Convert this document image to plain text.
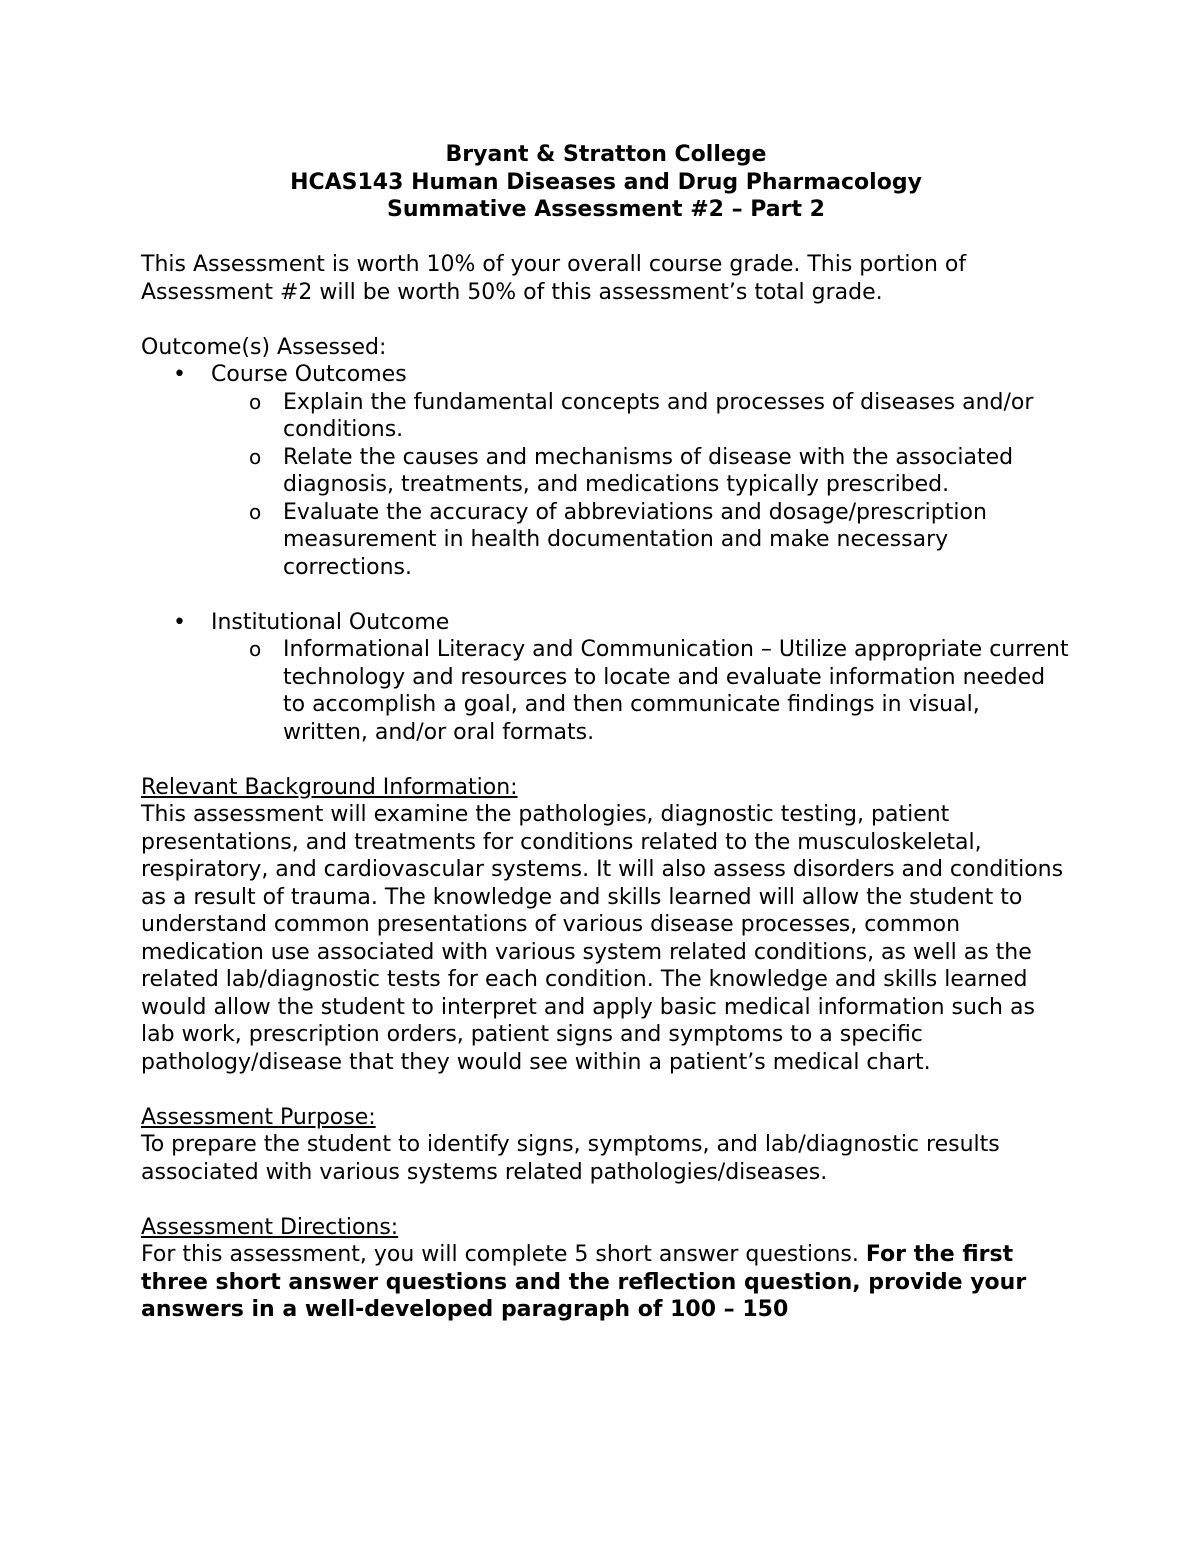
Bryant & Stratton College
HCAS143 Human Diseases and Drug Pharmacology
Summative Assessment #2 – Part 2

This Assessment is worth 10% of your overall course grade. This portion of Assessment #2 will be worth 50% of this assessment’s total grade.

Outcome(s) Assessed:

• Course Outcomes
o Explain the fundamental concepts and processes of diseases and/or conditions.
o Relate the causes and mechanisms of disease with the associated diagnosis, treatments, and medications typically prescribed.
o Evaluate the accuracy of abbreviations and dosage/prescription measurement in health documentation and make necessary corrections.
• Institutional Outcome
o Informational Literacy and Communication – Utilize appropriate current technology and resources to locate and evaluate information needed to accomplish a goal, and then communicate findings in visual, written, and/or oral formats.

Relevant Background Information:

This assessment will examine the pathologies, diagnostic testing, patient presentations, and treatments for conditions related to the musculoskeletal, respiratory, and cardiovascular systems. It will also assess disorders and conditions as a result of trauma. The knowledge and skills learned will allow the student to understand common presentations of various disease processes, common medication use associated with various system related conditions, as well as the related lab/diagnostic tests for each condition. The knowledge and skills learned would allow the student to interpret and apply basic medical information such as lab work, prescription orders, patient signs and symptoms to a specific pathology/disease that they would see within a patient’s medical chart.

Assessment Purpose:

To prepare the student to identify signs, symptoms, and lab/diagnostic results associated with various systems related pathologies/diseases.

Assessment Directions:

For this assessment, you will complete 5 short answer questions. For the first three short answer questions and the reflection question, provide your answers in a well-developed paragraph of 100 – 150
